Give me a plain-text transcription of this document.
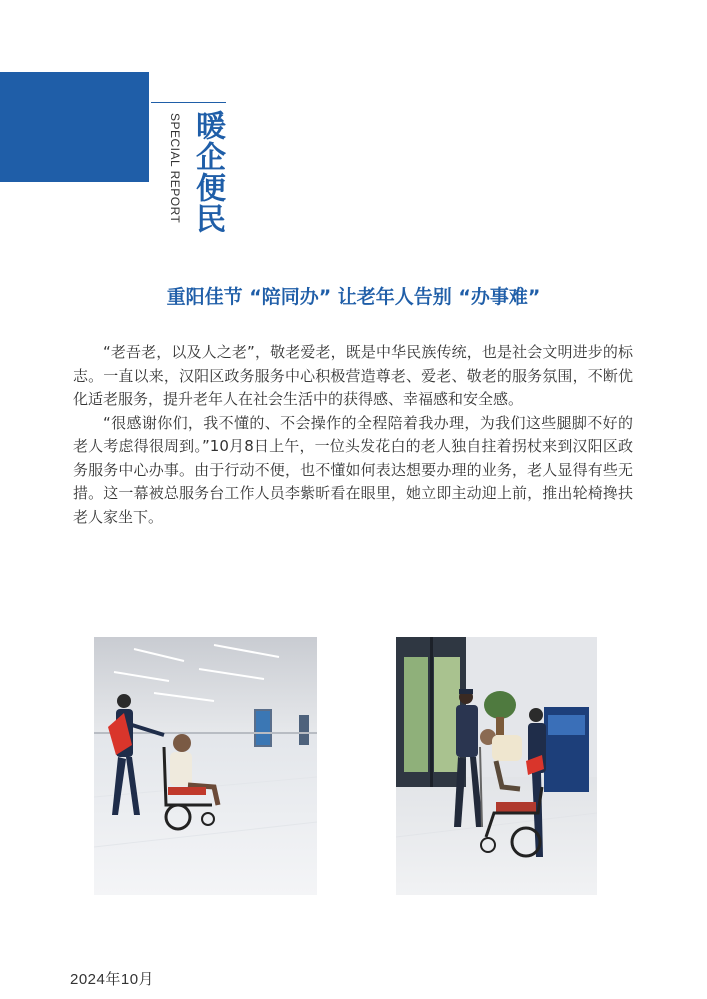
SPECIAL REPORT 暖企便民
重阳佳节 “陪同办” 让老年人告别 “办事难”

“老吾老，以及人之老”，敬老爱老，既是中华民族传统，也是社会文明进步的标志。一直以来，汉阳区政务服务中心积极营造尊老、爱老、敬老的服务氛围，不断优化适老服务，提升老年人在社会生活中的获得感、幸福感和安全感。

“很感谢你们，我不懂的、不会操作的全程陪着我办理，为我们这些腿脚不好的老人考虑得很周到。”10月8日上午，一位头发花白的老人独自拄着拐杖来到汉阳区政务服务中心办事。由于行动不便，也不懂如何表达想要办理的业务，老人显得有些无措。这一幕被总服务台工作人员李紫昕看在眼里，她立即主动迎上前，推出轮椅搀扶老人家坐下。

2024年10月
